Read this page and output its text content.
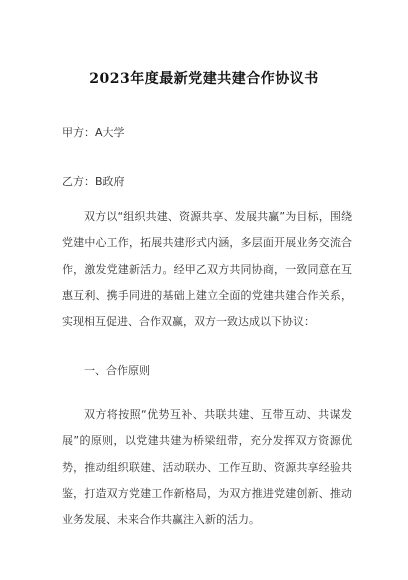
2023年度最新党建共建合作协议书
甲方：A大学
乙方：B政府
双方以“组织共建、资源共享、发展共赢”为目标，围绕党建中心工作，拓展共建形式内涵，多层面开展业务交流合作，激发党建新活力。经甲乙双方共同协商，一致同意在互惠互利、携手同进的基础上建立全面的党建共建合作关系，实现相互促进、合作双赢，双方一致达成以下协议：
一、合作原则
双方将按照“优势互补、共联共建、互带互动、共谋发展”的原则，以党建共建为桥梁纽带，充分发挥双方资源优势，推动组织联建、活动联办、工作互助、资源共享经验共鉴，打造双方党建工作新格局，为双方推进党建创新、推动业务发展、未来合作共赢注入新的活力。
